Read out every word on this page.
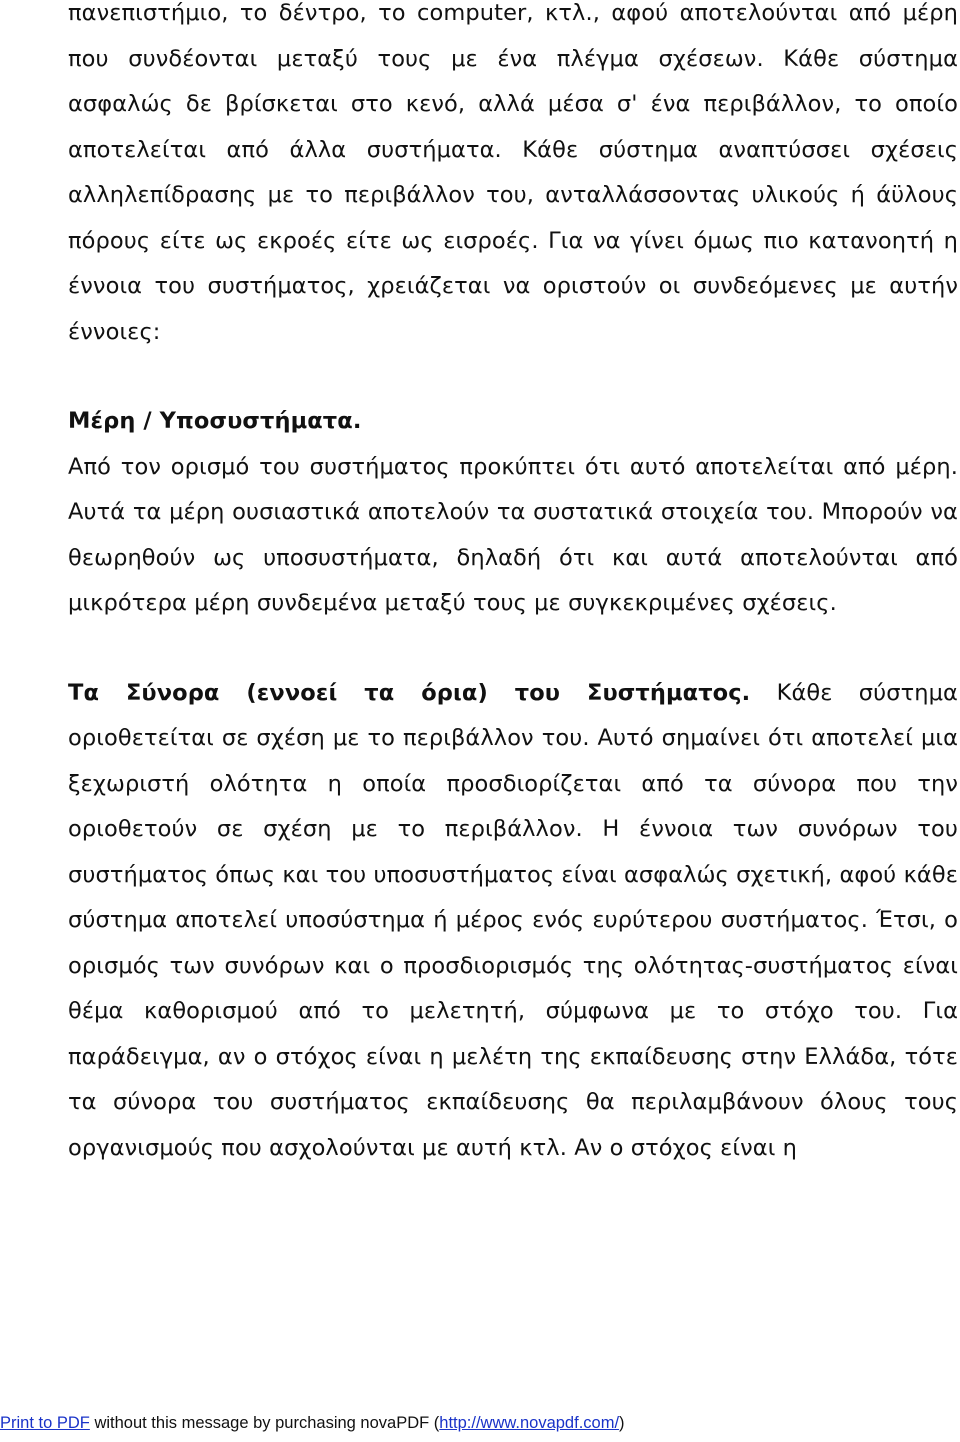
πανεπιστήμιο, το δέντρο, το computer, κτλ., αφού αποτελούνται από μέρη που συνδέονται μεταξύ τους με ένα πλέγμα σχέσεων. Κάθε σύστημα ασφαλώς δε βρίσκεται στο κενό, αλλά μέσα σ' ένα περιβάλλον, το οποίο αποτελείται από άλλα συστήματα. Κάθε σύστημα αναπτύσσει σχέσεις αλληλεπίδρασης με το περιβάλλον του, ανταλλάσσοντας υλικούς ή άϋλους πόρους είτε ως εκροές είτε ως εισροές. Για να γίνει όμως πιο κατανοητή η έννοια του συστήματος, χρειάζεται να οριστούν οι συνδεόμενες με αυτήν έννοιες:

Μέρη / Υποσυστήματα.
Από τον ορισμό του συστήματος προκύπτει ότι αυτό αποτελείται από μέρη. Αυτά τα μέρη ουσιαστικά αποτελούν τα συστατικά στοιχεία του. Μπορούν να θεωρηθούν ως υποσυστήματα, δηλαδή ότι και αυτά αποτελούνται από μικρότερα μέρη συνδεμένα μεταξύ τους με συγκεκριμένες σχέσεις.

Τα Σύνορα (εννοεί τα όρια) του Συστήματος. Κάθε σύστημα οριοθετείται σε σχέση με το περιβάλλον του. Αυτό σημαίνει ότι αποτελεί μια ξεχωριστή ολότητα η οποία προσδιορίζεται από τα σύνορα που την οριοθετούν σε σχέση με το περιβάλλον. Η έννοια των συνόρων του συστήματος όπως και του υποσυστήματος είναι ασφαλώς σχετική, αφού κάθε σύστημα αποτελεί υποσύστημα ή μέρος ενός ευρύτερου συστήματος. Έτσι, ο ορισμός των συνόρων και ο προσδιορισμός της ολότητας-συστήματος είναι θέμα καθορισμού από το μελετητή, σύμφωνα με το στόχο του. Για παράδειγμα, αν ο στόχος είναι η μελέτη της εκπαίδευσης στην Ελλάδα, τότε τα σύνορα του συστήματος εκπαίδευσης θα περιλαμβάνουν όλους τους οργανισμούς που ασχολούνται με αυτή κτλ. Αν ο στόχος είναι η

Print to PDF without this message by purchasing novaPDF (http://www.novapdf.com/)
